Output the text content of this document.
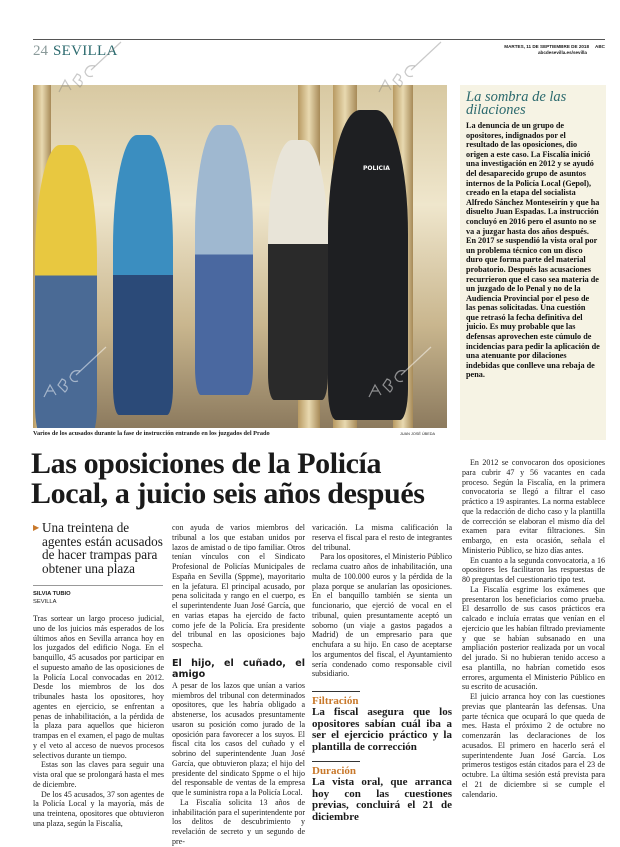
24 SEVILLA	MARTES, 11 DE SEPTIEMBRE DE 2018 ABC
abcdesevilla.es/sevilla
POLICIA
La sombra de las dilaciones
La denuncia de un grupo de opositores, indignados por el resultado de las oposiciones, dio origen a este caso. La Fiscalía inició una investigación en 2012 y se ayudó del desaparecido grupo de asuntos internos de la Policía Local (Gepol), creado en la etapa del socialista Alfredo Sánchez Monteseirín y que ha disuelto Juan Espadas. La instrucción concluyó en 2016 pero el asunto no se va a juzgar hasta dos años después. En 2017 se suspendió la vista oral por un problema técnico con un disco duro que forma parte del material probatorio. Después las acusaciones recurrieron que el caso sea materia de un juzgado de lo Penal y no de la Audiencia Provincial por el peso de las penas solicitadas. Una cuestión que retrasó la fecha definitiva del juicio. Es muy probable que las defensas aprovechen este cúmulo de incidencias para pedir la aplicación de una atenuante por dilaciones indebidas que conlleve una rebaja de pena.

En 2012 se convocaron dos oposiciones para cubrir 47 y 56 vacantes en cada proceso. Según la Fiscalía, en la primera convocatoria se llegó a filtrar el caso práctico a 19 aspirantes. La norma establece que la redacción de dicho caso y la plantilla de corrección se elaboran el mismo día del examen para evitar filtraciones. Sin embargo, en esta ocasión, señala el Ministerio Público, se hizo días antes.

En cuanto a la segunda convocatoria, a 16 opositores les facilitaron las respuestas de 80 preguntas del cuestionario tipo test.

La Fiscalía esgrime los exámenes que presentaron los beneficiarios como prueba. El desarrollo de sus casos prácticos era calcado e incluía erratas que venían en el ejercicio que les habían filtrado previamente y que se habían subsanado en una ampliación posterior realizada por un vocal del jurado. Si no hubieran tenido acceso a esa plantilla, no habrían cometido esos errores, argumenta el Ministerio Público en su escrito de acusación.

El juicio arranca hoy con las cuestiones previas que plantearán las defensas. Una parte técnica que ocupará lo que queda de mes. Hasta el próximo 2 de octubre no comenzarán las declaraciones de los acusados. El primero en hacerlo será el superintendente Juan José García. Los primeros testigos están citados para el 23 de octubre. La última sesión está prevista para el 21 de diciembre si se cumple el calendario.

Varios de los acusados durante la fase de instrucción entrando en los juzgados del Prado	JUAN JOSÉ ÚBEDA
Las oposiciones de la Policía Local, a juicio seis años después
▶ Una treintena de agentes están acusados de hacer trampas para obtener una plaza
SILVIA TUBIO
SEVILLA

Tras sortear un largo proceso judicial, uno de los juicios más esperados de los últimos años en Sevilla arranca hoy en los juzgados del edificio Noga. En el banquillo, 45 acusados por participar en el supuesto amaño de las oposiciones de la Policía Local convocadas en 2012. Desde los miembros de los dos tribunales hasta los opositores, hoy agentes en ejercicio, se enfrentan a penas de inhabilitación, a la pérdida de la plaza para aquellos que hicieron trampas en el examen, el pago de multas y el veto al acceso de nuevos procesos selectivos durante un tiempo.

Estas son las claves para seguir una vista oral que se prolongará hasta el mes de diciembre.

De los 45 acusados, 37 son agentes de la Policía Local y la mayoría, más de una treintena, opositores que obtuvieron una plaza, según la Fiscalía,

con ayuda de varios miembros del tribunal a los que estaban unidos por lazos de amistad o de tipo familiar. Otros tenían vínculos con el Sindicato Profesional de Policías Municipales de España en Sevilla (Sppme), mayoritario en la jefatura. El principal acusado, por pena solicitada y rango en el cuerpo, es el superintendente Juan José García, que en varias etapas ha ejercido de facto como jefe de la Policía. Era presidente del tribunal en las oposiciones bajo sospecha.

El hijo, el cuñado, el amigo

A pesar de los lazos que unían a varios miembros del tribunal con determinados opositores, que les habría obligado a abstenerse, los acusados presuntamente usaron su posición como jurado de la oposición para favorecer a los suyos. El fiscal cita los casos del cuñado y el sobrino del superintendente Juan José García, que obtuvieron plaza; el hijo del presidente del sindicato Sppme o el hijo del responsable de ventas de la empresa que le suministra ropa a la Policía Local.

La Fiscalía solicita 13 años de inhabilitación para el superintendente por los delitos de descubrimiento y revelación de secreto y un segundo de pre-

varicación. La misma calificación la reserva el fiscal para el resto de integrantes del tribunal.

Para los opositores, el Ministerio Público reclama cuatro años de inhabilitación, una multa de 100.000 euros y la pérdida de la plaza porque se anularían las oposiciones. En el banquillo también se sienta un funcionario, que ejerció de vocal en el tribunal, quien presuntamente aceptó un soborno (un viaje a gastos pagados a Madrid) de un empresario para que enchufara a su hijo. En caso de aceptarse los argumentos del fiscal, el Ayuntamiento sería condenado como responsable civil subsidiario.

Filtración
La fiscal asegura que los opositores sabían cuál iba a ser el ejercicio práctico y la plantilla de corrección
Duración
La vista oral, que arranca hoy con las cuestiones previas, concluirá el 21 de diciembre
